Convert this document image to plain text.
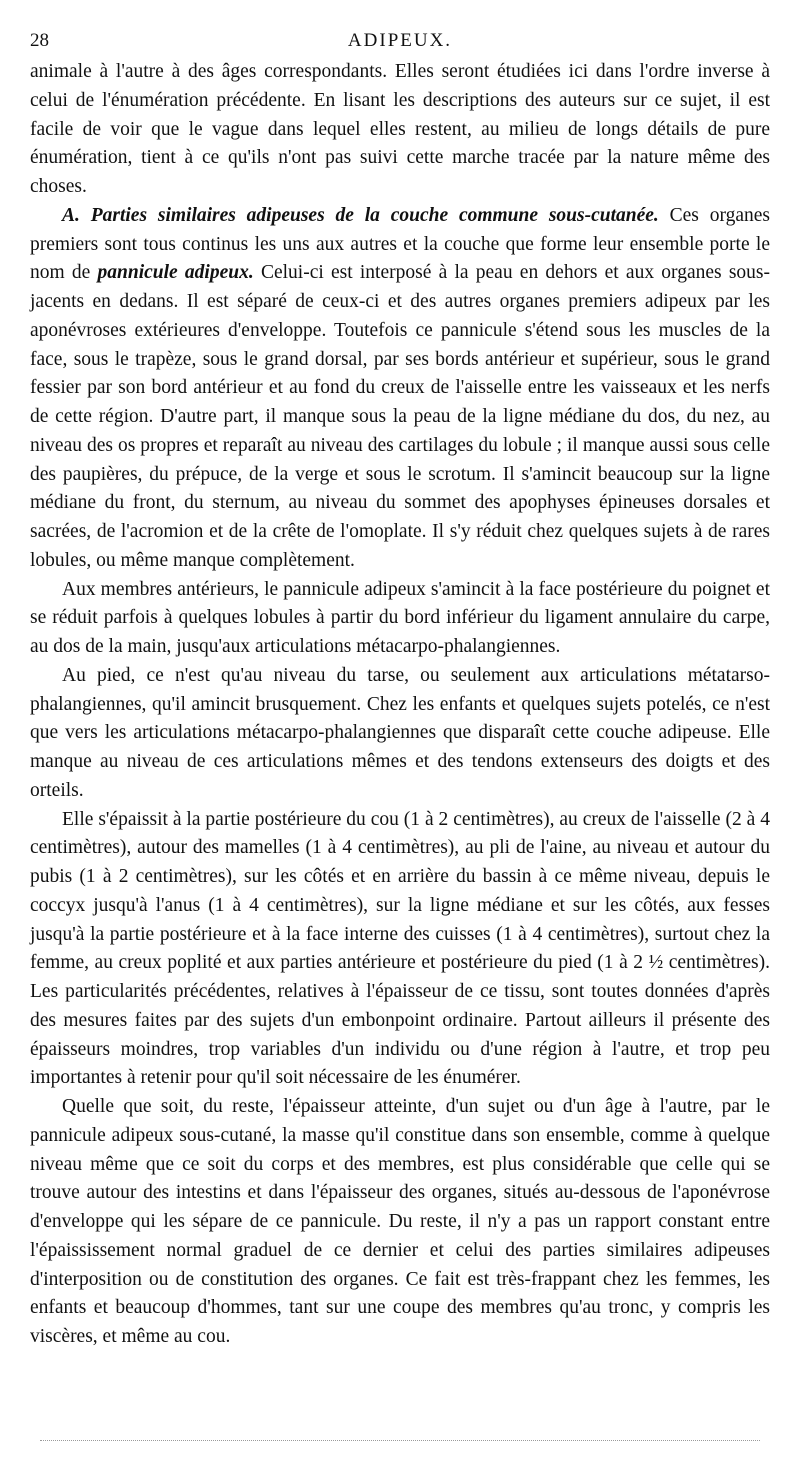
28	ADIPEUX.

animale à l'autre à des âges correspondants. Elles seront étudiées ici dans l'ordre inverse à celui de l'énumération précédente. En lisant les descriptions des auteurs sur ce sujet, il est facile de voir que le vague dans lequel elles restent, au milieu de longs détails de pure énumération, tient à ce qu'ils n'ont pas suivi cette marche tracée par la nature même des choses.

A. Parties similaires adipeuses de la couche commune sous-cutanée. Ces organes premiers sont tous continus les uns aux autres et la couche que forme leur ensemble porte le nom de pannicule adipeux. Celui-ci est interposé à la peau en dehors et aux organes sous-jacents en dedans. Il est séparé de ceux-ci et des autres organes premiers adipeux par les aponévroses extérieures d'enveloppe. Toutefois ce pannicule s'étend sous les muscles de la face, sous le trapèze, sous le grand dorsal, par ses bords antérieur et supérieur, sous le grand fessier par son bord antérieur et au fond du creux de l'aisselle entre les vaisseaux et les nerfs de cette région. D'autre part, il manque sous la peau de la ligne médiane du dos, du nez, au niveau des os propres et reparaît au niveau des cartilages du lobule ; il manque aussi sous celle des paupières, du prépuce, de la verge et sous le scrotum. Il s'amincit beaucoup sur la ligne médiane du front, du sternum, au niveau du sommet des apophyses épineuses dorsales et sacrées, de l'acromion et de la crête de l'omoplate. Il s'y réduit chez quelques sujets à de rares lobules, ou même manque complètement.

Aux membres antérieurs, le pannicule adipeux s'amincit à la face postérieure du poignet et se réduit parfois à quelques lobules à partir du bord inférieur du ligament annulaire du carpe, au dos de la main, jusqu'aux articulations métacarpo-phalangiennes.

Au pied, ce n'est qu'au niveau du tarse, ou seulement aux articulations métatarso-phalangiennes, qu'il amincit brusquement. Chez les enfants et quelques sujets potelés, ce n'est que vers les articulations métacarpo-phalangiennes que disparaît cette couche adipeuse. Elle manque au niveau de ces articulations mêmes et des tendons extenseurs des doigts et des orteils.

Elle s'épaissit à la partie postérieure du cou (1 à 2 centimètres), au creux de l'aisselle (2 à 4 centimètres), autour des mamelles (1 à 4 centimètres), au pli de l'aine, au niveau et autour du pubis (1 à 2 centimètres), sur les côtés et en arrière du bassin à ce même niveau, depuis le coccyx jusqu'à l'anus (1 à 4 centimètres), sur la ligne médiane et sur les côtés, aux fesses jusqu'à la partie postérieure et à la face interne des cuisses (1 à 4 centimètres), surtout chez la femme, au creux poplité et aux parties antérieure et postérieure du pied (1 à 2 ½ centimètres). Les particularités précédentes, relatives à l'épaisseur de ce tissu, sont toutes données d'après des mesures faites par des sujets d'un embonpoint ordinaire. Partout ailleurs il présente des épaisseurs moindres, trop variables d'un individu ou d'une région à l'autre, et trop peu importantes à retenir pour qu'il soit nécessaire de les énumérer.

Quelle que soit, du reste, l'épaisseur atteinte, d'un sujet ou d'un âge à l'autre, par le pannicule adipeux sous-cutané, la masse qu'il constitue dans son ensemble, comme à quelque niveau même que ce soit du corps et des membres, est plus considérable que celle qui se trouve autour des intestins et dans l'épaisseur des organes, situés au-dessous de l'aponévrose d'enveloppe qui les sépare de ce pannicule. Du reste, il n'y a pas un rapport constant entre l'épaississement normal graduel de ce dernier et celui des parties similaires adipeuses d'interposition ou de constitution des organes. Ce fait est très-frappant chez les femmes, les enfants et beaucoup d'hommes, tant sur une coupe des membres qu'au tronc, y compris les viscères, et même au cou.
